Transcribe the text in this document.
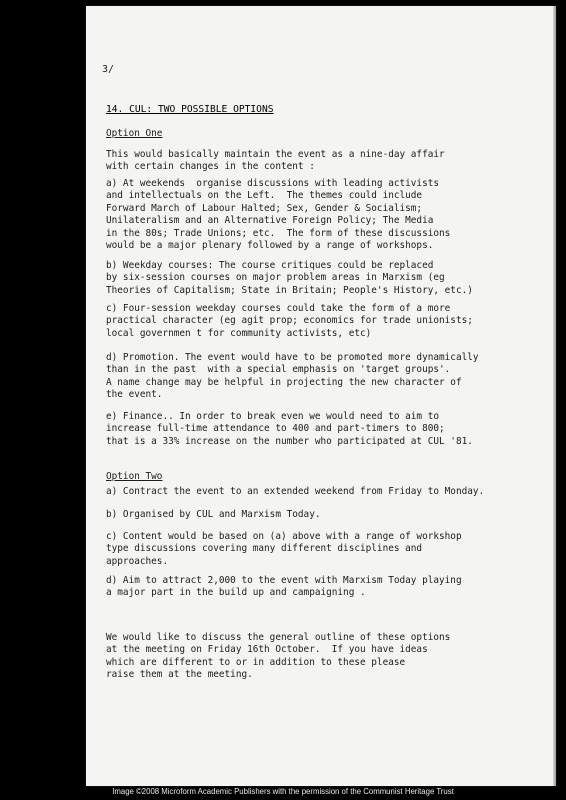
3/
14. CUL: TWO POSSIBLE OPTIONS
Option One
This would basically maintain the event as a nine-day affair
with certain changes in the content :
a) At weekends  organise discussions with leading activists
and intellectuals on the Left.  The themes could include
Forward March of Labour Halted; Sex, Gender & Socialism;
Unilateralism and an Alternative Foreign Policy; The Media
in the 80s; Trade Unions; etc.  The form of these discussions
would be a major plenary followed by a range of workshops.
b) Weekday courses: The course critiques could be replaced
by six-session courses on major problem areas in Marxism (eg
Theories of Capitalism; State in Britain; People's History, etc.)
c) Four-session weekday courses could take the form of a more
practical character (eg agit prop; economics for trade unionists;
local governmen t for community activists, etc)
d) Promotion. The event would have to be promoted more dynamically
than in the past  with a special emphasis on 'target groups'.
A name change may be helpful in projecting the new character of
the event.
e) Finance.. In order to break even we would need to aim to
increase full-time attendance to 400 and part-timers to 800;
that is a 33% increase on the number who participated at CUL '81.
Option Two
a) Contract the event to an extended weekend from Friday to Monday.
b) Organised by CUL and Marxism Today.
c) Content would be based on (a) above with a range of workshop
type discussions covering many different disciplines and
approaches.
d) Aim to attract 2,000 to the event with Marxism Today playing
a major part in the build up and campaigning .
We would like to discuss the general outline of these options
at the meeting on Friday 16th October.  If you have ideas
which are different to or in addition to these please
raise them at the meeting.
Image ©2008 Microform Academic Publishers with the permission of the Communist Heritage Trust
